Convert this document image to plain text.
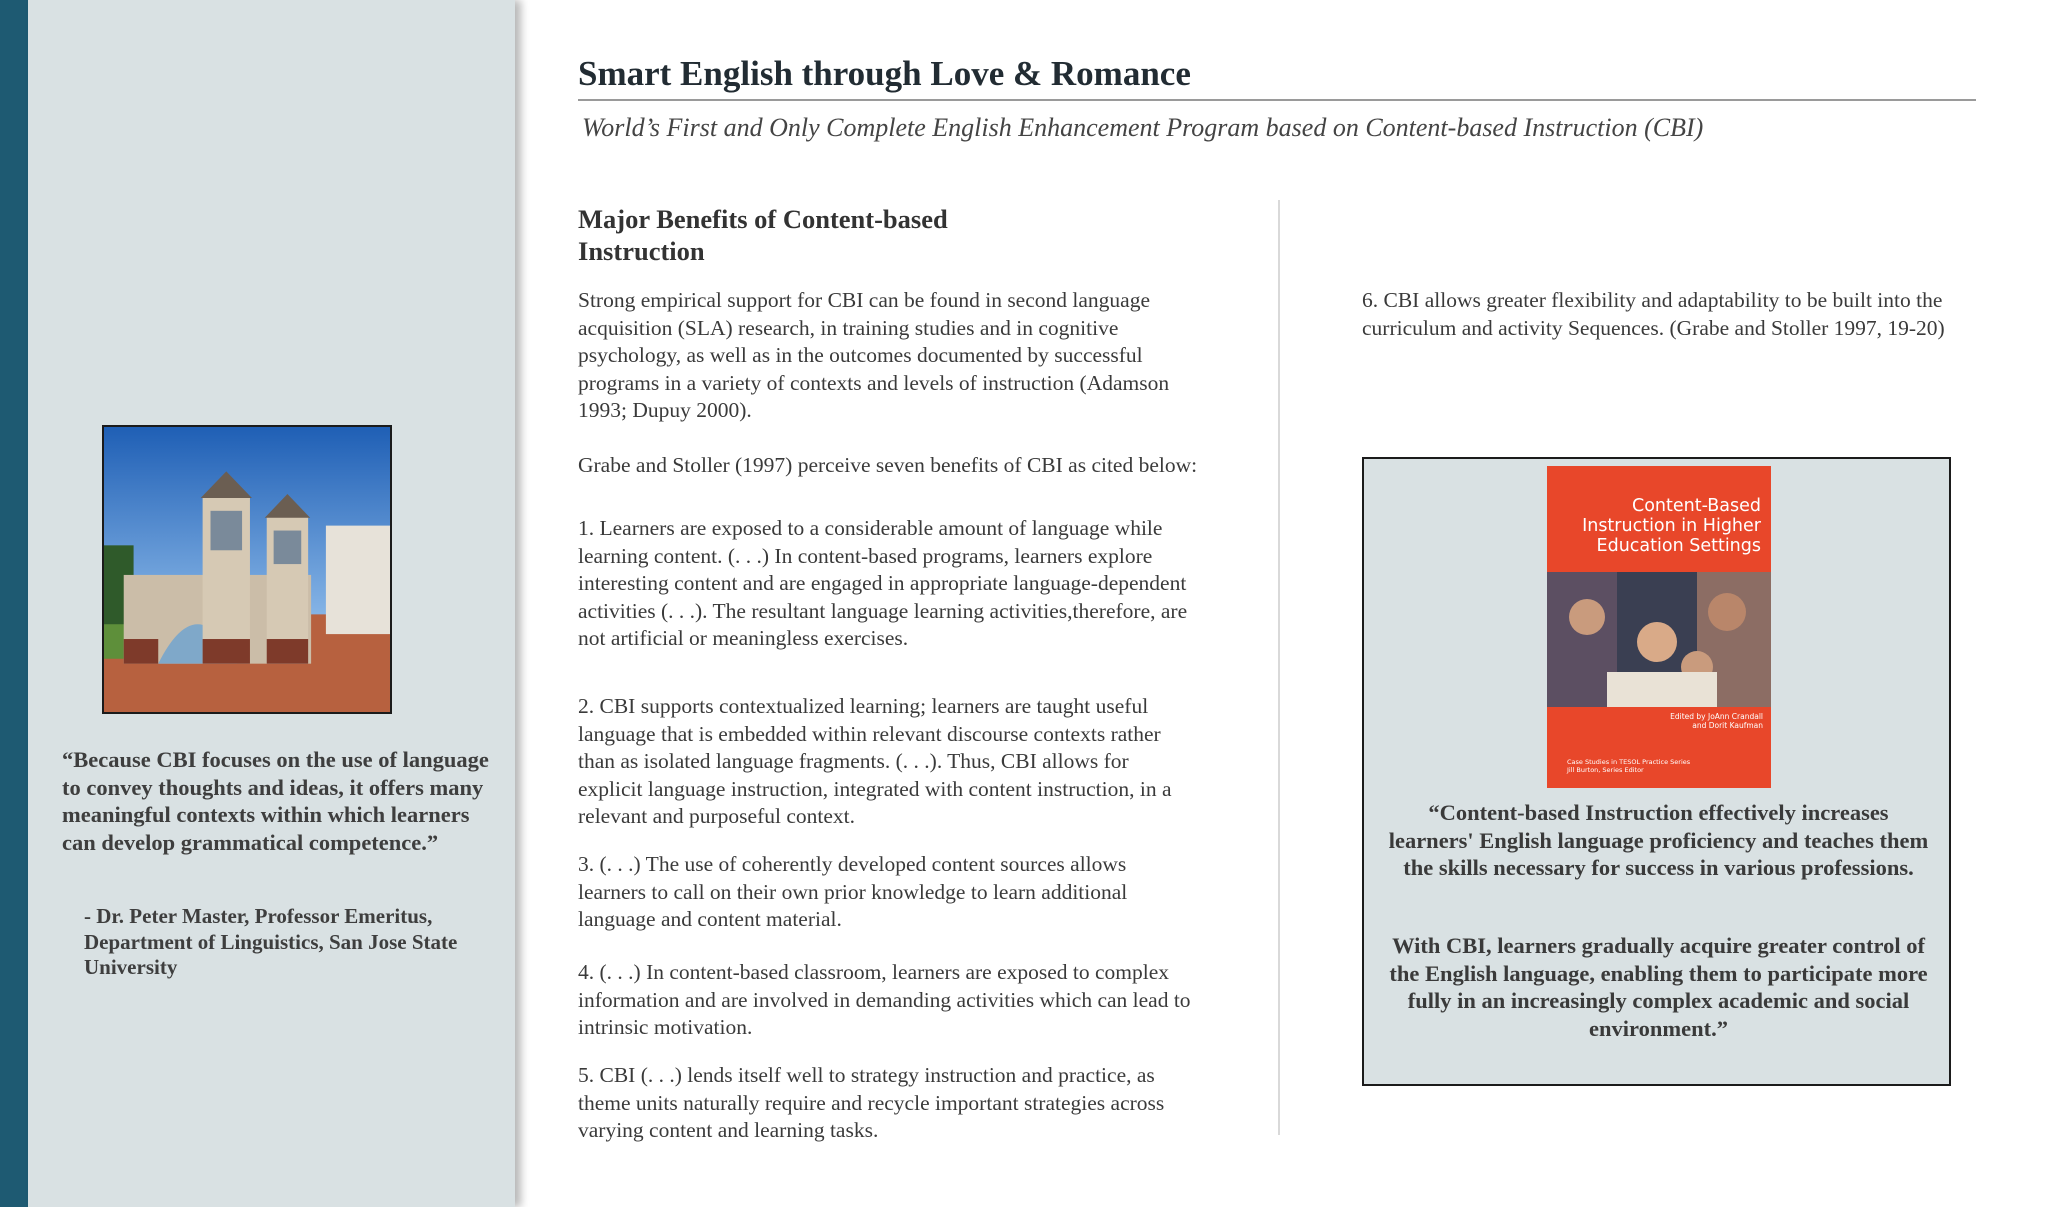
“Because CBI focuses on the use of language to convey thoughts and ideas, it offers many meaningful contexts within which learners can develop grammatical competence.”
- Dr. Peter Master, Professor Emeritus, Department of Linguistics, San Jose State University
Smart English through Love & Romance
World’s First and Only Complete English Enhancement Program based on Content-based Instruction (CBI)
Major Benefits of Content-based Instruction
Strong empirical support for CBI can be found in second language acquisition (SLA) research, in training studies and in cognitive psychology, as well as in the outcomes documented by successful programs in a variety of contexts and levels of instruction (Adamson 1993; Dupuy 2000).
Grabe and Stoller (1997) perceive seven benefits of CBI as cited below:
1. Learners are exposed to a considerable amount of language while learning content. (. . .) In content-based programs, learners explore interesting content and are engaged in appropriate language-dependent activities (. . .). The resultant language learning activities,therefore, are not artificial or meaningless exercises.
2. CBI supports contextualized learning; learners are taught useful language that is embedded within relevant discourse contexts rather than as isolated language fragments. (. . .). Thus, CBI allows for explicit language instruction, integrated with content instruction, in a relevant and purposeful context.
3. (. . .) The use of coherently developed content sources allows learners to call on their own prior knowledge to learn additional language and content material.
4. (. . .) In content-based classroom, learners are exposed to complex information and are involved in demanding activities which can lead to intrinsic motivation.
5. CBI (. . .) lends itself well to strategy instruction and practice, as theme units naturally require and recycle important strategies across varying content and learning tasks.
6. CBI allows greater flexibility and adaptability to be built into the curriculum and activity Sequences. (Grabe and Stoller 1997, 19-20)
Content-Based
Instruction in Higher
Education Settings
Edited by JoAnn Crandall
and Dorit Kaufman
Case Studies in TESOL Practice Series
Jill Burton, Series Editor
“Content-based Instruction effectively increases learners' English language proficiency and teaches them the skills necessary for success in various professions.
With CBI, learners gradually acquire greater control of the English language, enabling them to participate more fully in an increasingly complex academic and social environment.”
